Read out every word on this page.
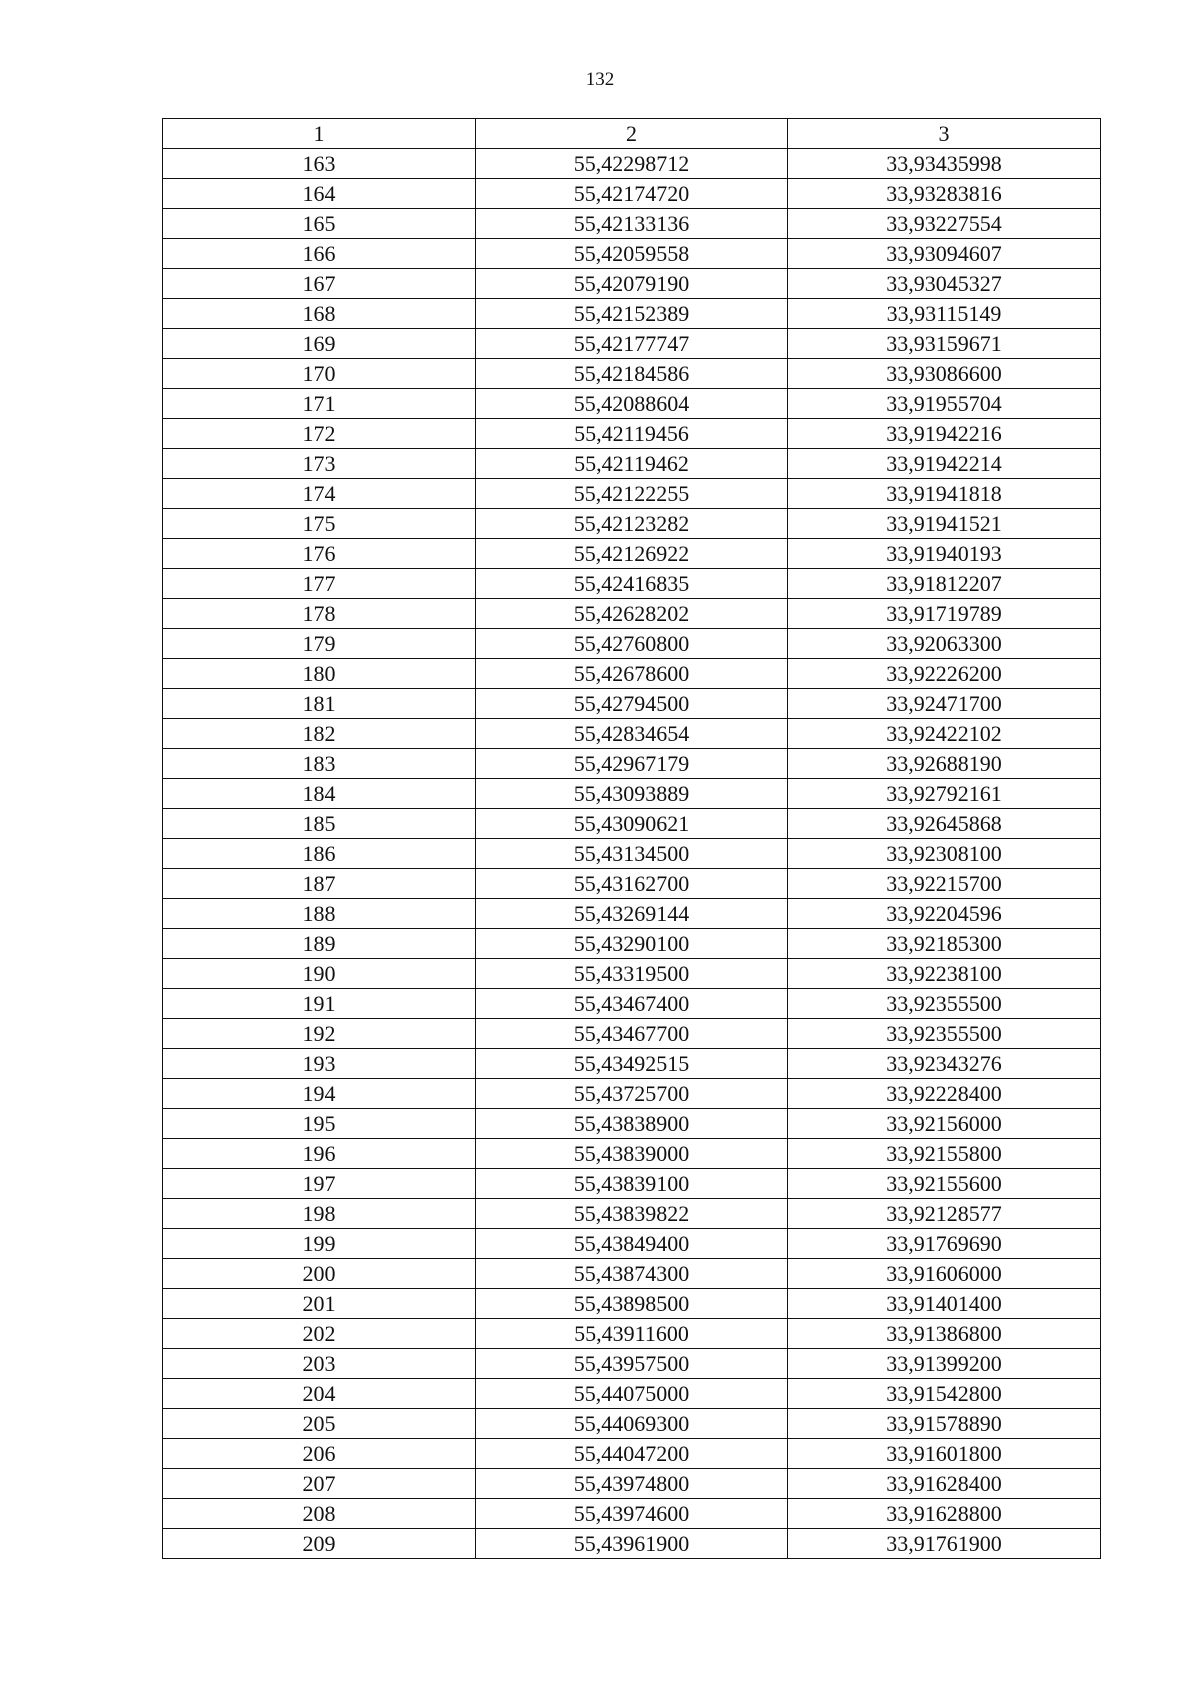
132
1	2	3
163	55,42298712	33,93435998
164	55,42174720	33,93283816
165	55,42133136	33,93227554
166	55,42059558	33,93094607
167	55,42079190	33,93045327
168	55,42152389	33,93115149
169	55,42177747	33,93159671
170	55,42184586	33,93086600
171	55,42088604	33,91955704
172	55,42119456	33,91942216
173	55,42119462	33,91942214
174	55,42122255	33,91941818
175	55,42123282	33,91941521
176	55,42126922	33,91940193
177	55,42416835	33,91812207
178	55,42628202	33,91719789
179	55,42760800	33,92063300
180	55,42678600	33,92226200
181	55,42794500	33,92471700
182	55,42834654	33,92422102
183	55,42967179	33,92688190
184	55,43093889	33,92792161
185	55,43090621	33,92645868
186	55,43134500	33,92308100
187	55,43162700	33,92215700
188	55,43269144	33,92204596
189	55,43290100	33,92185300
190	55,43319500	33,92238100
191	55,43467400	33,92355500
192	55,43467700	33,92355500
193	55,43492515	33,92343276
194	55,43725700	33,92228400
195	55,43838900	33,92156000
196	55,43839000	33,92155800
197	55,43839100	33,92155600
198	55,43839822	33,92128577
199	55,43849400	33,91769690
200	55,43874300	33,91606000
201	55,43898500	33,91401400
202	55,43911600	33,91386800
203	55,43957500	33,91399200
204	55,44075000	33,91542800
205	55,44069300	33,91578890
206	55,44047200	33,91601800
207	55,43974800	33,91628400
208	55,43974600	33,91628800
209	55,43961900	33,91761900
